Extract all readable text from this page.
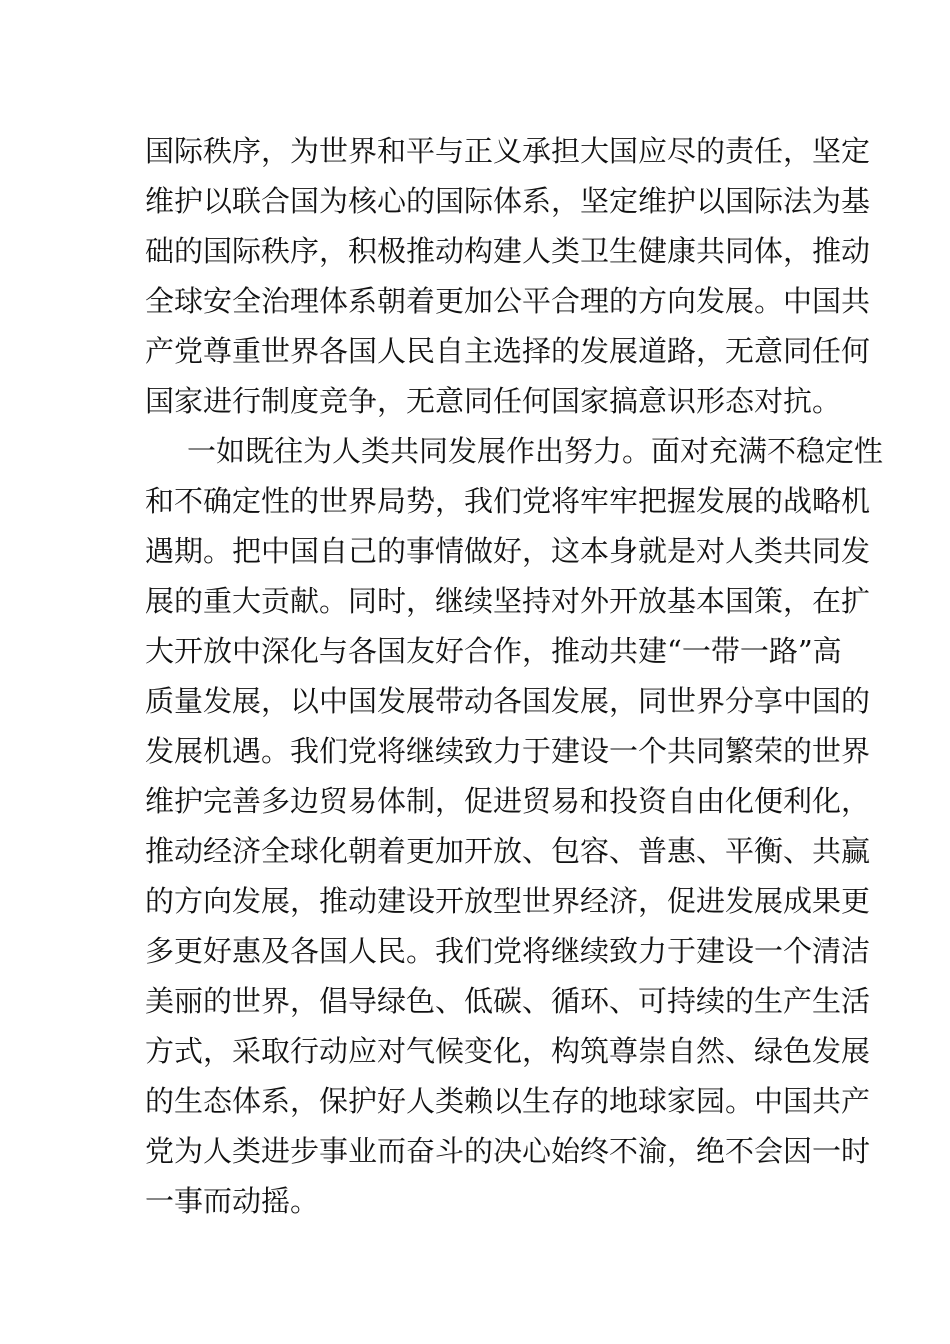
国际秩序，为世界和平与正义承担大国应尽的责任，坚定
维护以联合国为核心的国际体系，坚定维护以国际法为基
础的国际秩序，积极推动构建人类卫生健康共同体，推动
全球安全治理体系朝着更加公平合理的方向发展。中国共
产党尊重世界各国人民自主选择的发展道路，无意同任何
国家进行制度竞争，无意同任何国家搞意识形态对抗。
一如既往为人类共同发展作出努力。面对充满不稳定性
和不确定性的世界局势，我们党将牢牢把握发展的战略机
遇期。把中国自己的事情做好，这本身就是对人类共同发
展的重大贡献。同时，继续坚持对外开放基本国策，在扩
大开放中深化与各国友好合作，推动共建“一带一路”高
质量发展，以中国发展带动各国发展，同世界分享中国的
发展机遇。我们党将继续致力于建设一个共同繁荣的世界
维护完善多边贸易体制，促进贸易和投资自由化便利化，
推动经济全球化朝着更加开放、包容、普惠、平衡、共赢
的方向发展，推动建设开放型世界经济，促进发展成果更
多更好惠及各国人民。我们党将继续致力于建设一个清洁
美丽的世界，倡导绿色、低碳、循环、可持续的生产生活
方式，采取行动应对气候变化，构筑尊崇自然、绿色发展
的生态体系，保护好人类赖以生存的地球家园。中国共产
党为人类进步事业而奋斗的决心始终不渝，绝不会因一时
一事而动摇。
